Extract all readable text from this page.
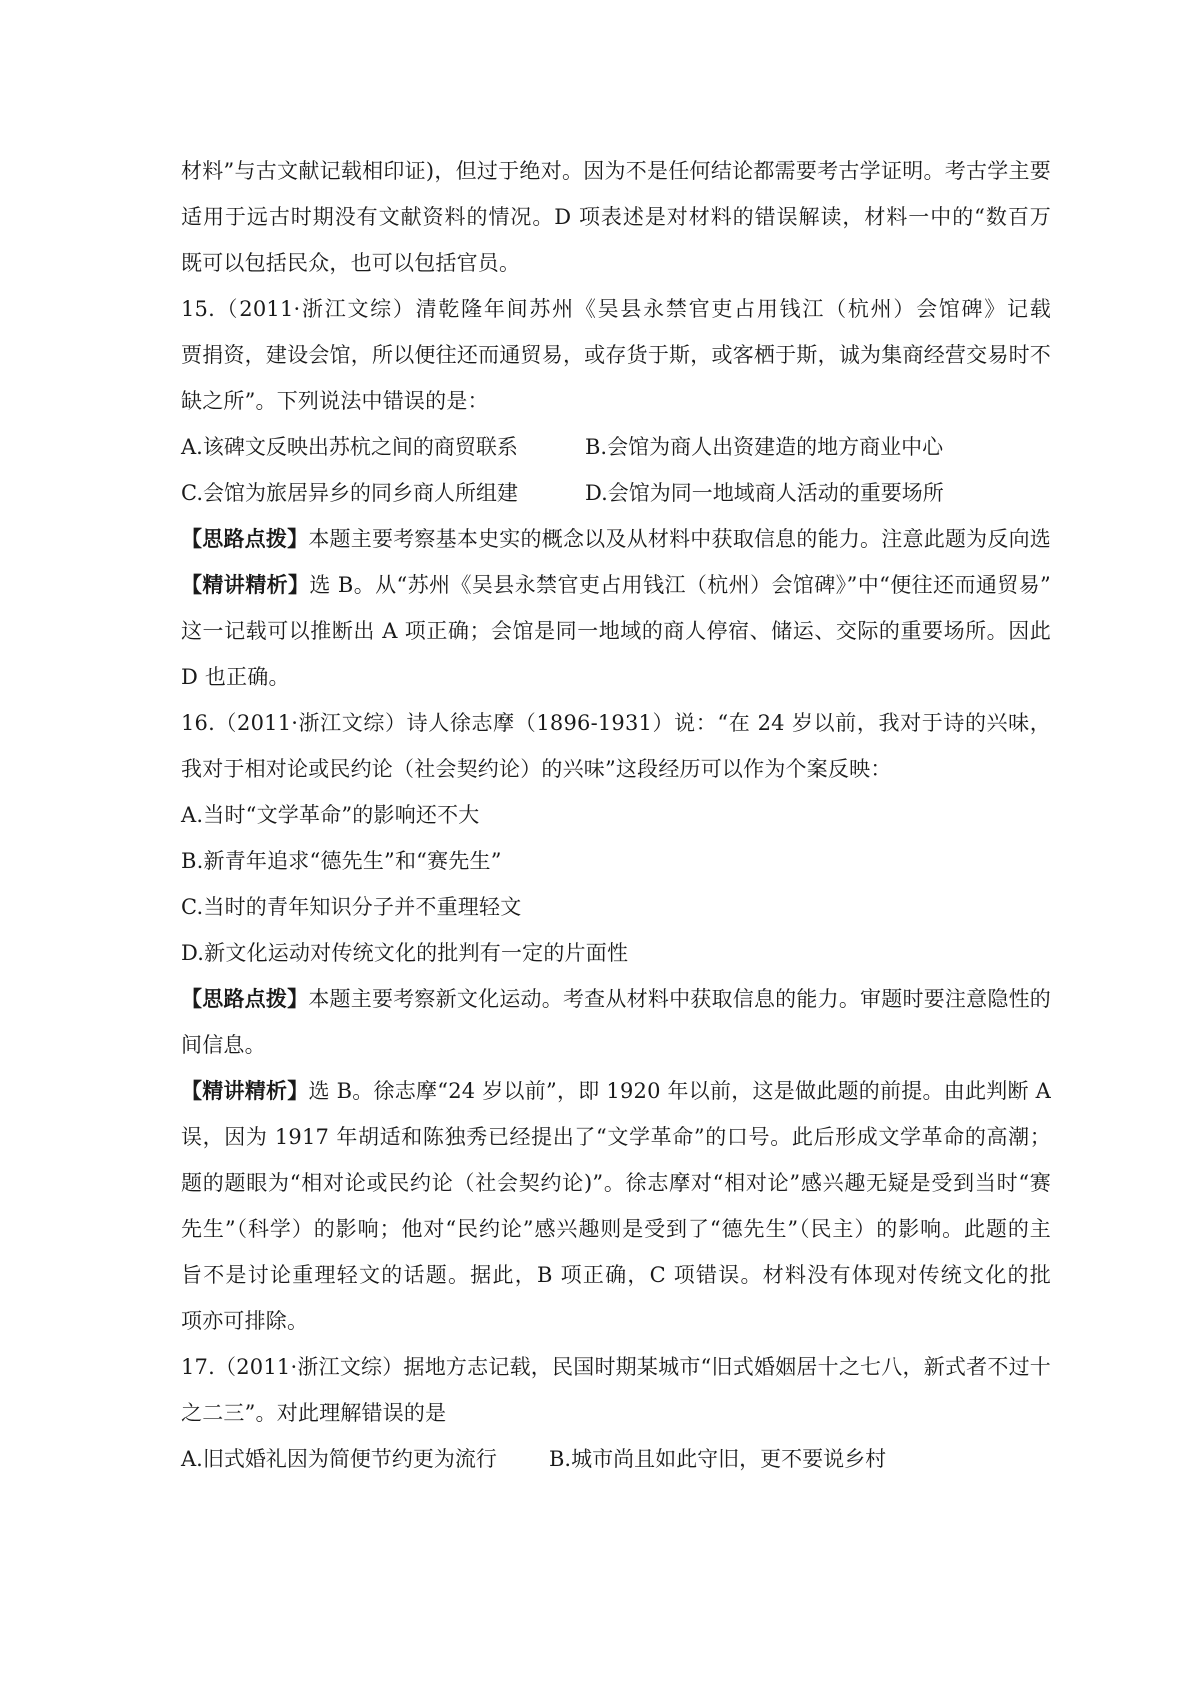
材料”与古文献记载相印证)，但过于绝对。因为不是任何结论都需要考古学证明。考古学主要
适用于远古时期没有文献资料的情况。D 项表述是对材料的错误解读，材料一中的“数百万
既可以包括民众，也可以包括官员。
15.（2011·浙江文综）清乾隆年间苏州《吴县永禁官吏占用钱江（杭州）会馆碑》记载
贾捐资，建设会馆，所以便往还而通贸易，或存货于斯，或客栖于斯，诚为集商经营交易时不
缺之所”。下列说法中错误的是：
A.该碑文反映出苏杭之间的商贸联系	B.会馆为商人出资建造的地方商业中心
C.会馆为旅居异乡的同乡商人所组建	D.会馆为同一地域商人活动的重要场所
【思路点拨】本题主要考察基本史实的概念以及从材料中获取信息的能力。注意此题为反向选
【精讲精析】选 B。从“苏州《吴县永禁官吏占用钱江（杭州）会馆碑》”中“便往还而通贸易”
这一记载可以推断出 A 项正确；会馆是同一地域的商人停宿、储运、交际的重要场所。因此
D 也正确。
16.（2011·浙江文综）诗人徐志摩（1896-1931）说：“在 24 岁以前，我对于诗的兴味，
我对于相对论或民约论（社会契约论）的兴味”这段经历可以作为个案反映：
A.当时“文学革命”的影响还不大
B.新青年追求“德先生”和“赛先生”
C.当时的青年知识分子并不重理轻文
D.新文化运动对传统文化的批判有一定的片面性
【思路点拨】本题主要考察新文化运动。考查从材料中获取信息的能力。审题时要注意隐性的
间信息。
【精讲精析】选 B。徐志摩“24 岁以前”，即 1920 年以前，这是做此题的前提。由此判断 A
误，因为 1917 年胡适和陈独秀已经提出了“文学革命”的口号。此后形成文学革命的高潮；
题的题眼为“相对论或民约论（社会契约论)”。徐志摩对“相对论”感兴趣无疑是受到当时“赛
先生”（科学）的影响；他对“民约论”感兴趣则是受到了“德先生”（民主）的影响。此题的主
旨不是讨论重理轻文的话题。据此，B 项正确，C 项错误。材料没有体现对传统文化的批
项亦可排除。
17.（2011·浙江文综）据地方志记载，民国时期某城市“旧式婚姻居十之七八，新式者不过十
之二三”。对此理解错误的是
A.旧式婚礼因为简便节约更为流行	B.城市尚且如此守旧，更不要说乡村
